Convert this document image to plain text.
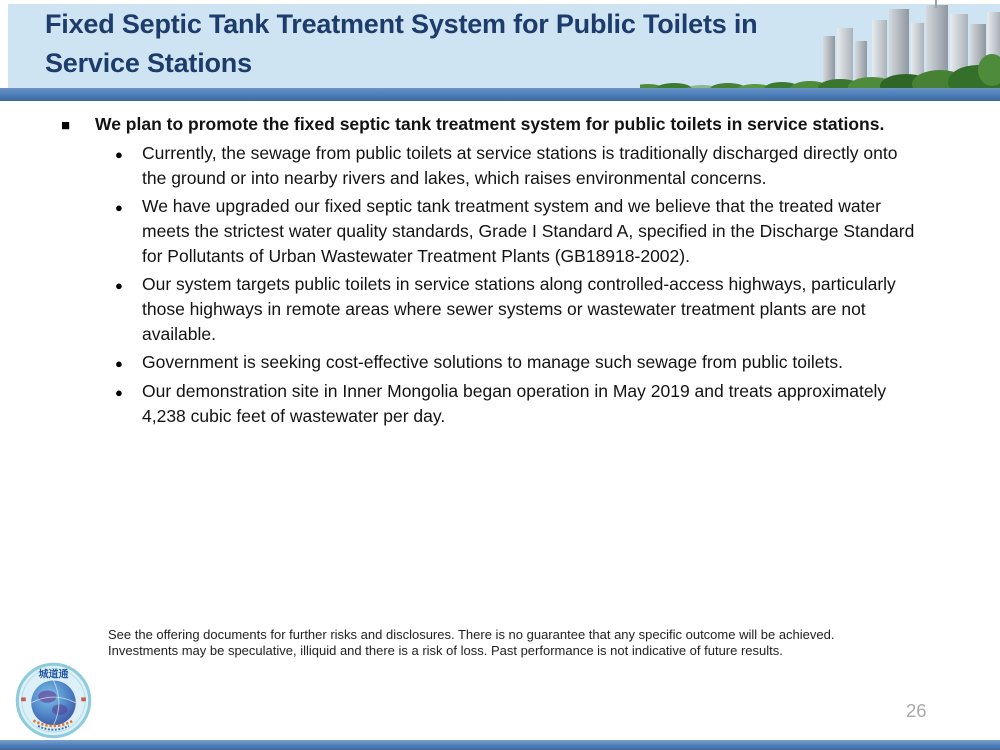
Fixed Septic Tank Treatment System for Public Toilets in
Service Stations
■	We plan to promote the fixed septic tank treatment system for public toilets in service stations.

●	Currently, the sewage from public toilets at service stations is traditionally discharged directly onto the ground or into nearby rivers and lakes, which raises environmental concerns.

●	We have upgraded our fixed septic tank treatment system and we believe that the treated water meets the strictest water quality standards, Grade I Standard A, specified in the Discharge Standard for Pollutants of Urban Wastewater Treatment Plants (GB18918-2002).

●	Our system targets public toilets in service stations along controlled-access highways, particularly those highways in remote areas where sewer systems or wastewater treatment plants are not available.

●	Government is seeking cost-effective solutions to manage such sewage from public toilets.

●	Our demonstration site in Inner Mongolia began operation in May 2019 and treats approximately 4,238 cubic feet of wastewater per day.

See the offering documents for further risks and disclosures. There is no guarantee that any specific outcome will be achieved. Investments may be speculative, illiquid and there is a risk of loss. Past performance is not indicative of future results.

城道通
26
